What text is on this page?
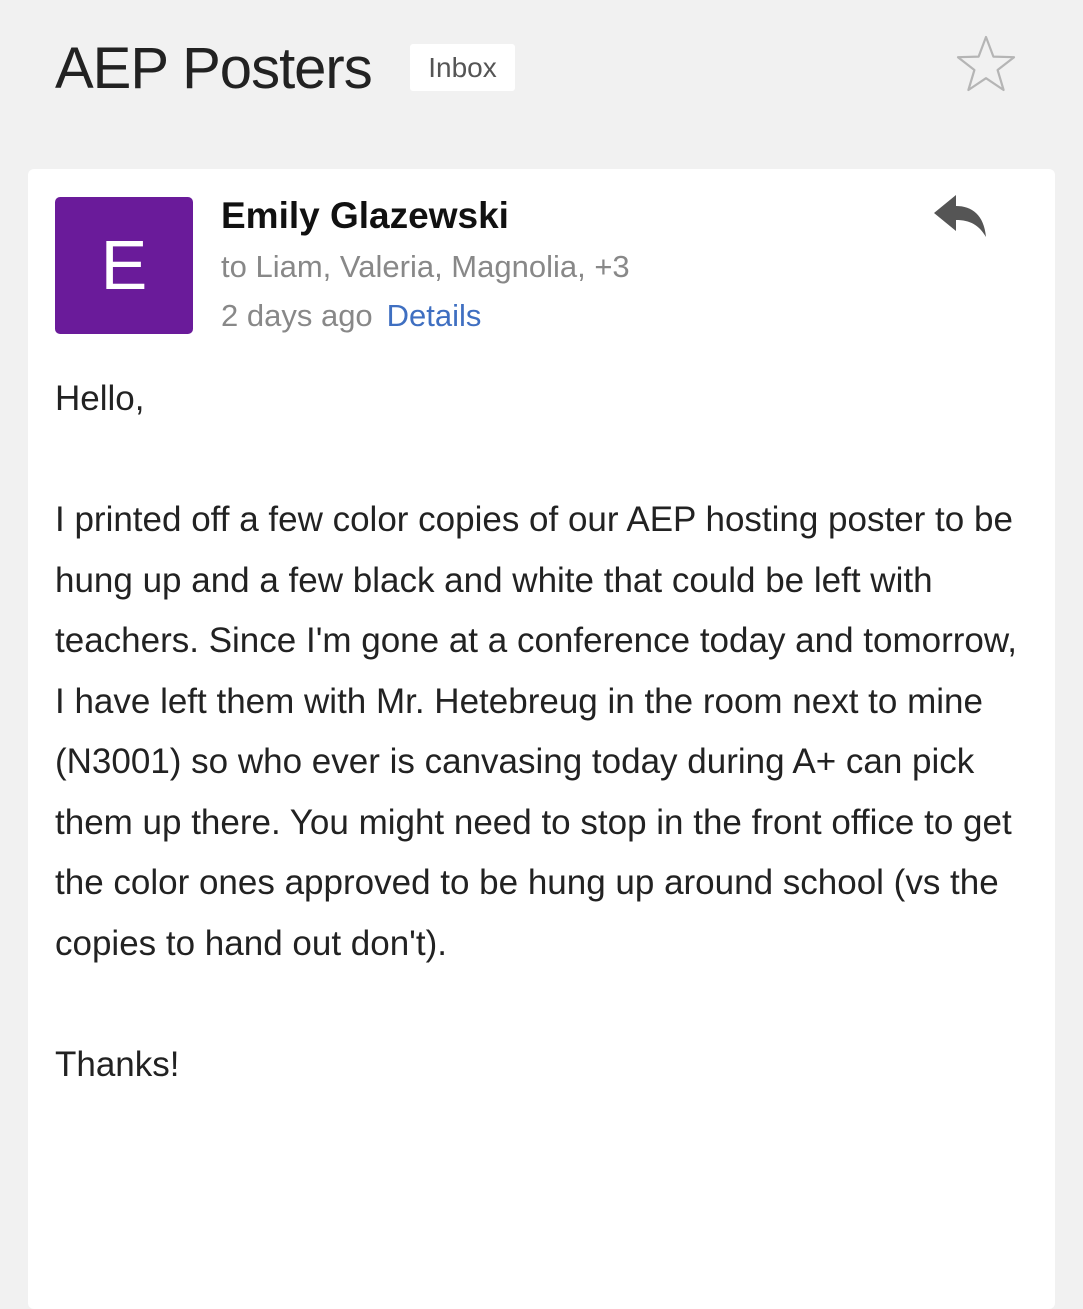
AEP Posters	Inbox
E
Emily Glazewski
to Liam, Valeria, Magnolia, +3
2 days ago Details

Hello,

I printed off a few color copies of our AEP hosting poster to be hung up and a few black and white that could be left with teachers. Since I'm gone at a conference today and tomorrow, I have left them with Mr. Hetebreug in the room next to mine (N3001) so who ever is canvasing today during A+ can pick them up there. You might need to stop in the front office to get the color ones approved to be hung up around school (vs the copies to hand out don't).

Thanks!
